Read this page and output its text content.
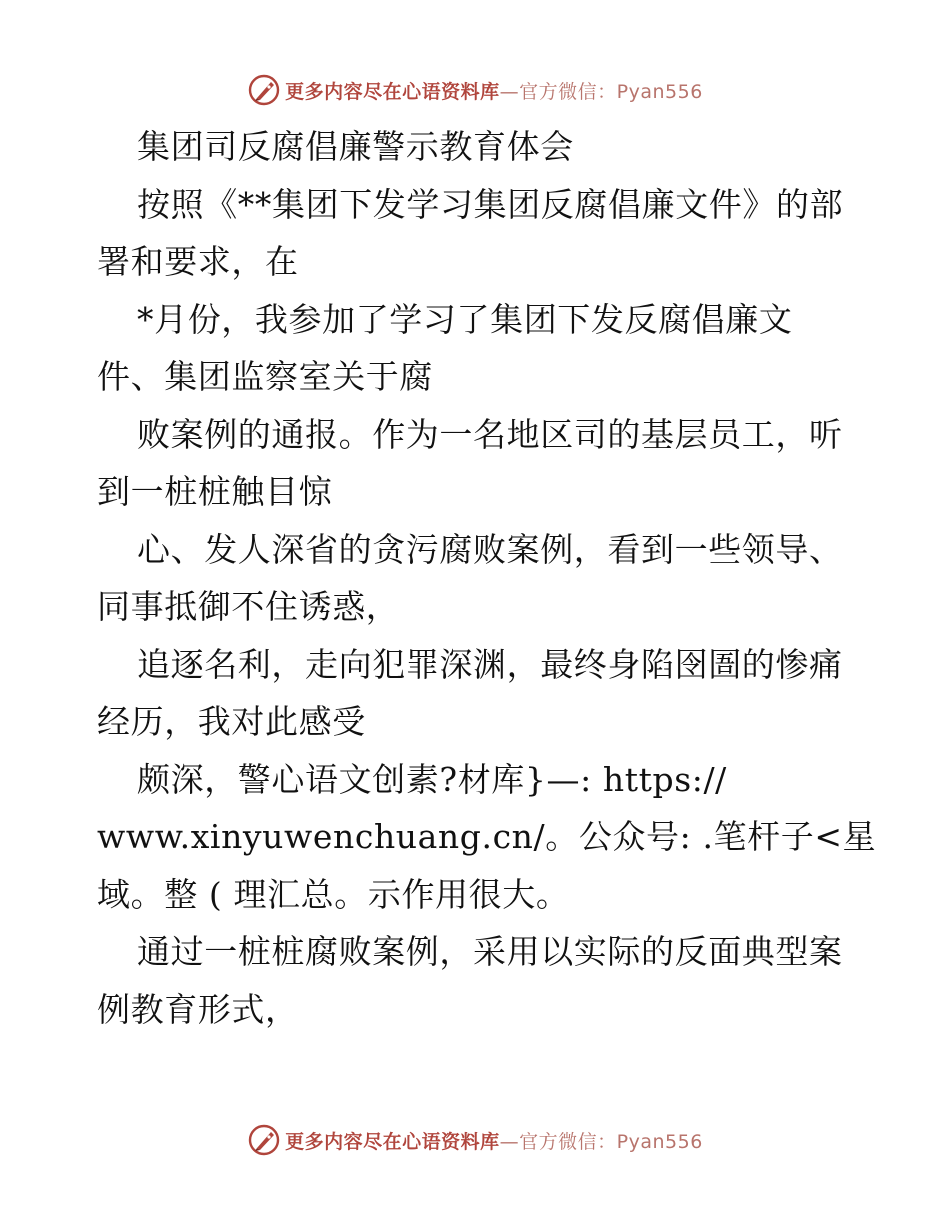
更多内容尽在心语资料库—官方微信：Pyan556
集团司反腐倡廉警示教育体会
按照《**集团下发学习集团反腐倡廉文件》的部
署和要求，在
*月份，我参加了学习了集团下发反腐倡廉文
件、集团监察室关于腐
败案例的通报。作为一名地区司的基层员工，听
到一桩桩触目惊
心、发人深省的贪污腐败案例，看到一些领导、
同事抵御不住诱惑，
追逐名利，走向犯罪深渊，最终身陷囹圄的惨痛
经历，我对此感受
颇深，警心语文创素?材库}—: https://
www.xinyuwenchuang.cn/。公众号: .笔杆子<星
域。整 ( 理汇总。示作用很大。
通过一桩桩腐败案例，采用以实际的反面典型案
例教育形式，
更多内容尽在心语资料库—官方微信：Pyan556
